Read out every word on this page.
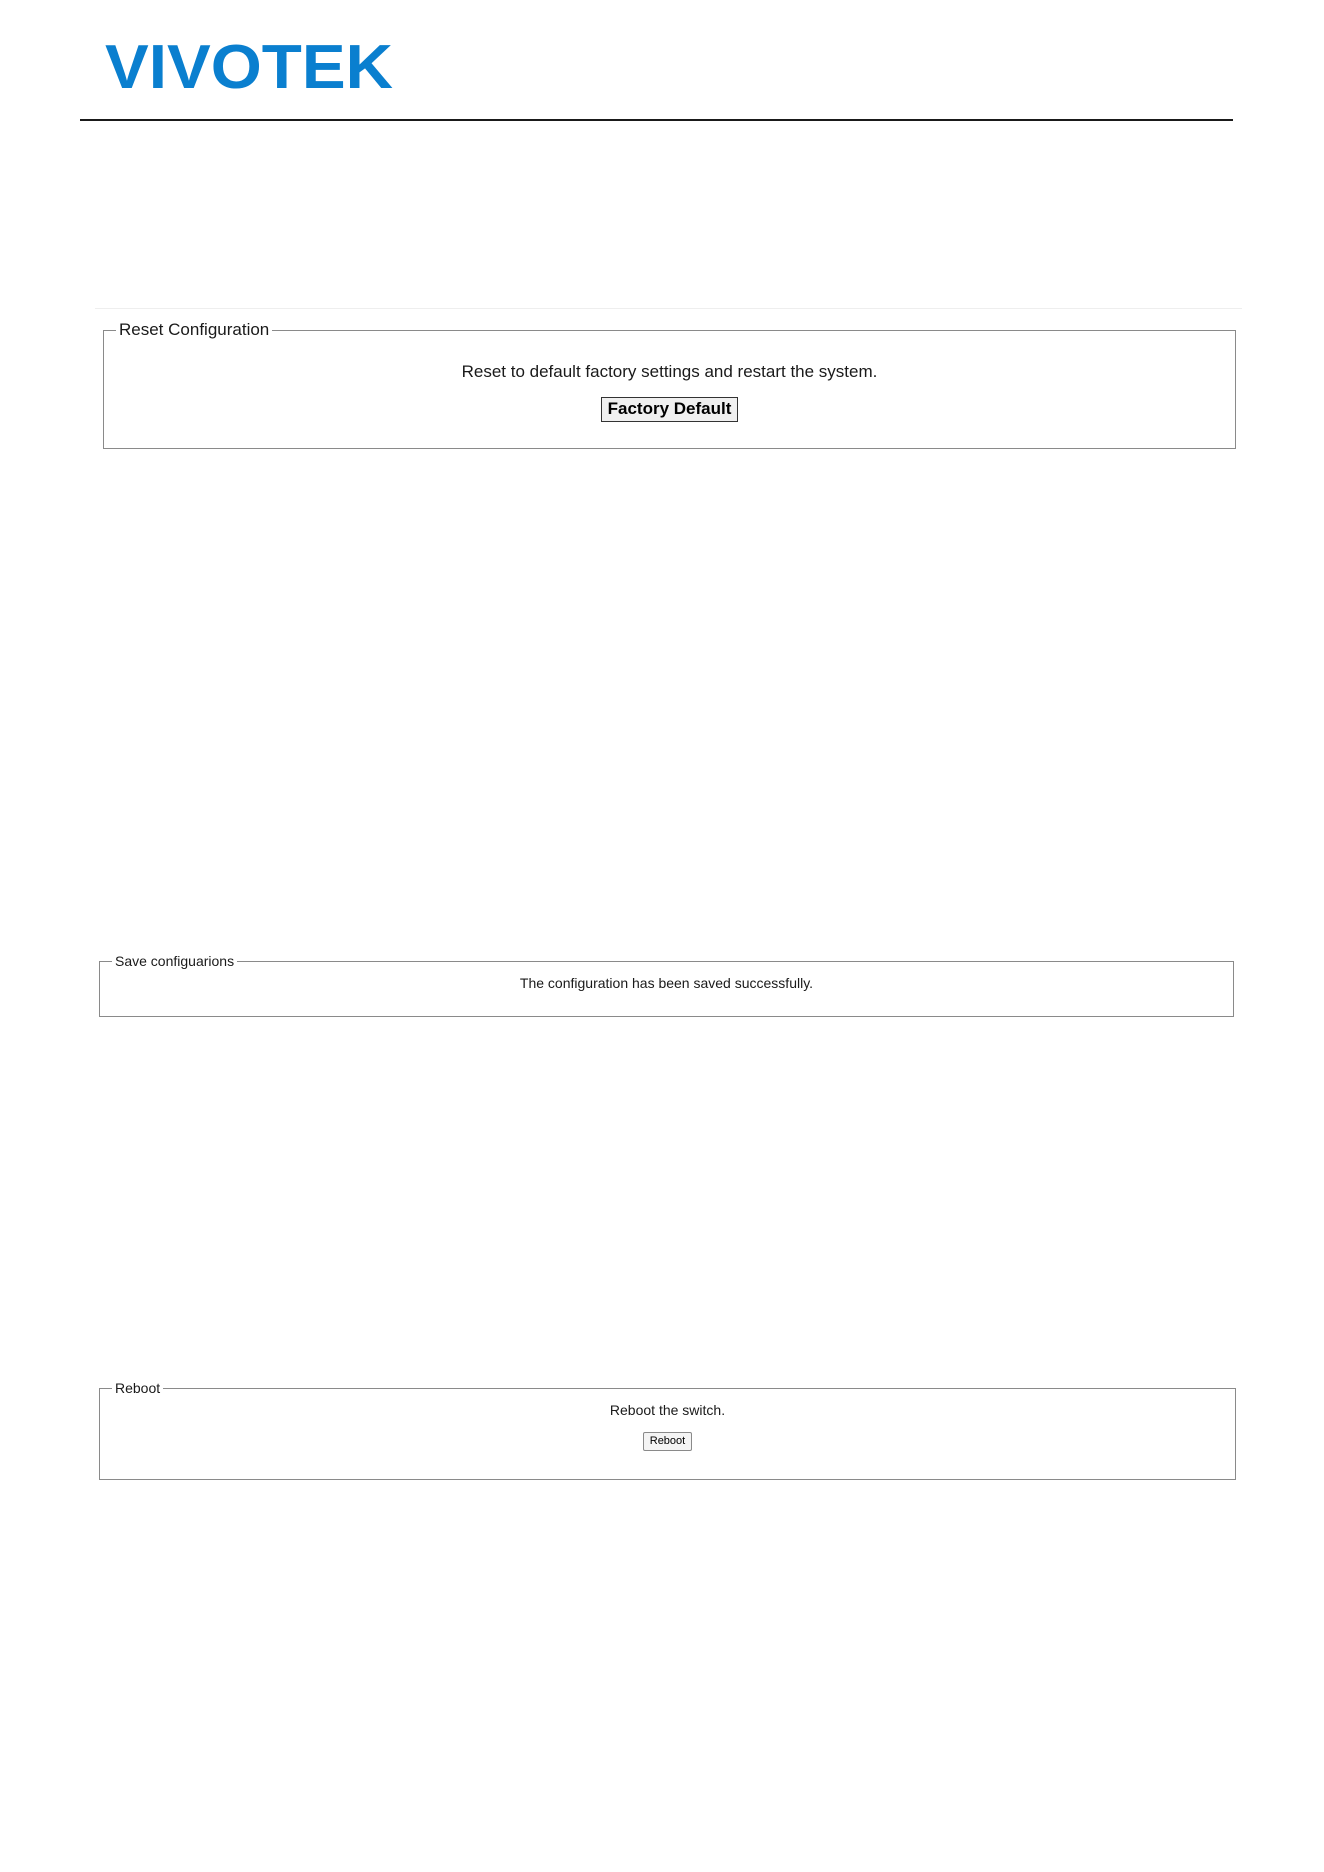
VIVOTEK
Reset Configuration
Reset to default factory settings and restart the system.
Factory Default
Save configuarions
The configuration has been saved successfully.
Reboot
Reboot the switch.
Reboot
